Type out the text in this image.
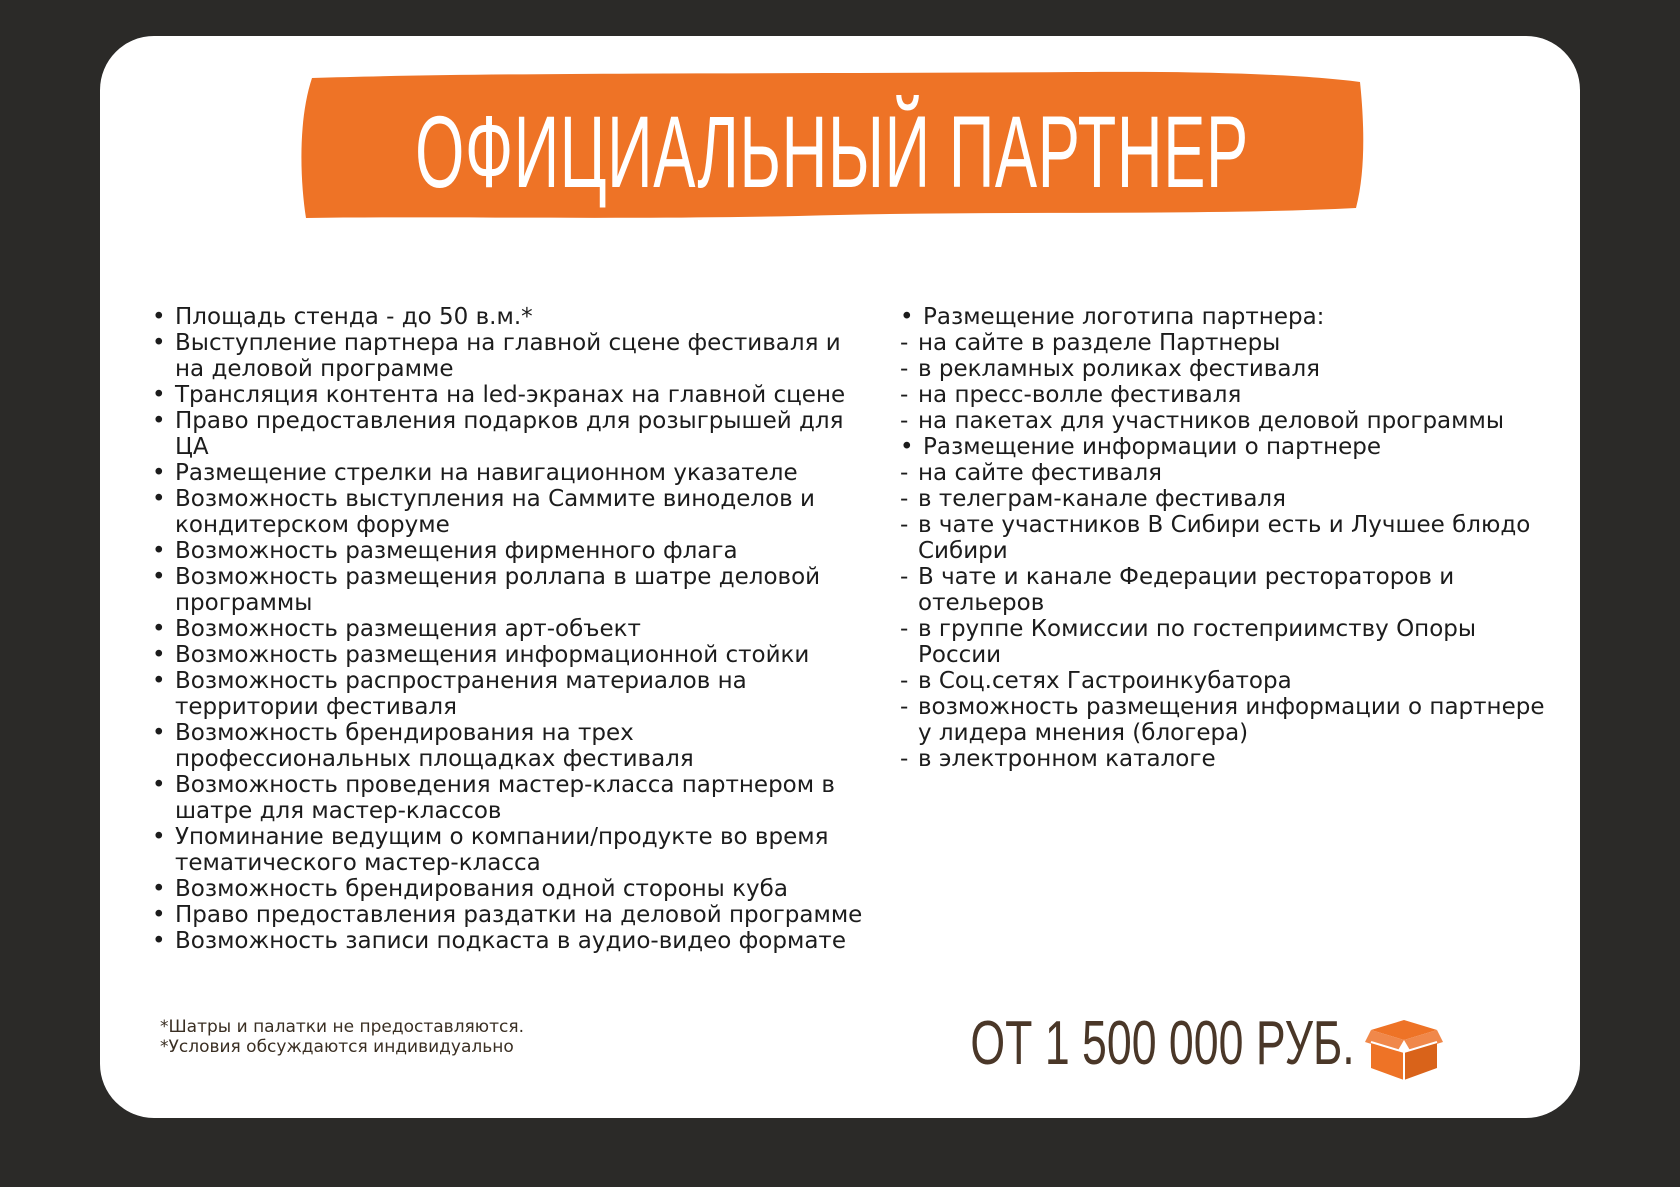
ОФИЦИАЛЬНЫЙ ПАРТНЕР
• Площадь стенда - до 50 в.м.*
• Выступление партнера на главной сцене фестиваля и на деловой программе
• Трансляция контента на led-экранах на главной сцене
• Право предоставления подарков для розыгрышей для ЦА
• Размещение стрелки на навигационном указателе
• Возможность выступления на Саммите виноделов и кондитерском форуме
• Возможность размещения фирменного флага
• Возможность размещения роллапа в шатре деловой программы
• Возможность размещения арт-объект
• Возможность размещения информационной стойки
• Возможность распространения материалов на территории фестиваля
• Возможность брендирования на трех профессиональных площадках фестиваля
• Возможность проведения мастер-класса партнером в шатре для мастер-классов
• Упоминание ведущим о компании/продукте во время тематического мастер-класса
• Возможность брендирования одной стороны куба
• Право предоставления раздатки на деловой программе
• Возможность записи подкаста в аудио-видео формате
• Размещение логотипа партнера:
- на сайте в разделе Партнеры
- в рекламных роликах фестиваля
- на пресс-волле фестиваля
- на пакетах для участников деловой программы
• Размещение информации о партнере
- на сайте фестиваля
- в телеграм-канале фестиваля
- в чате участников В Сибири есть и Лучшее блюдо Сибири
- В чате и канале Федерации рестораторов и отельеров
- в группе Комиссии по гостеприимству Опоры России
- в Соц.сетях Гастроинкубатора
- возможность размещения информации о партнере у лидера мнения (блогера)
- в электронном каталоге
*Шатры и палатки не предоставляются.
*Условия обсуждаются индивидуально	ОТ 1 500 000 РУБ.
